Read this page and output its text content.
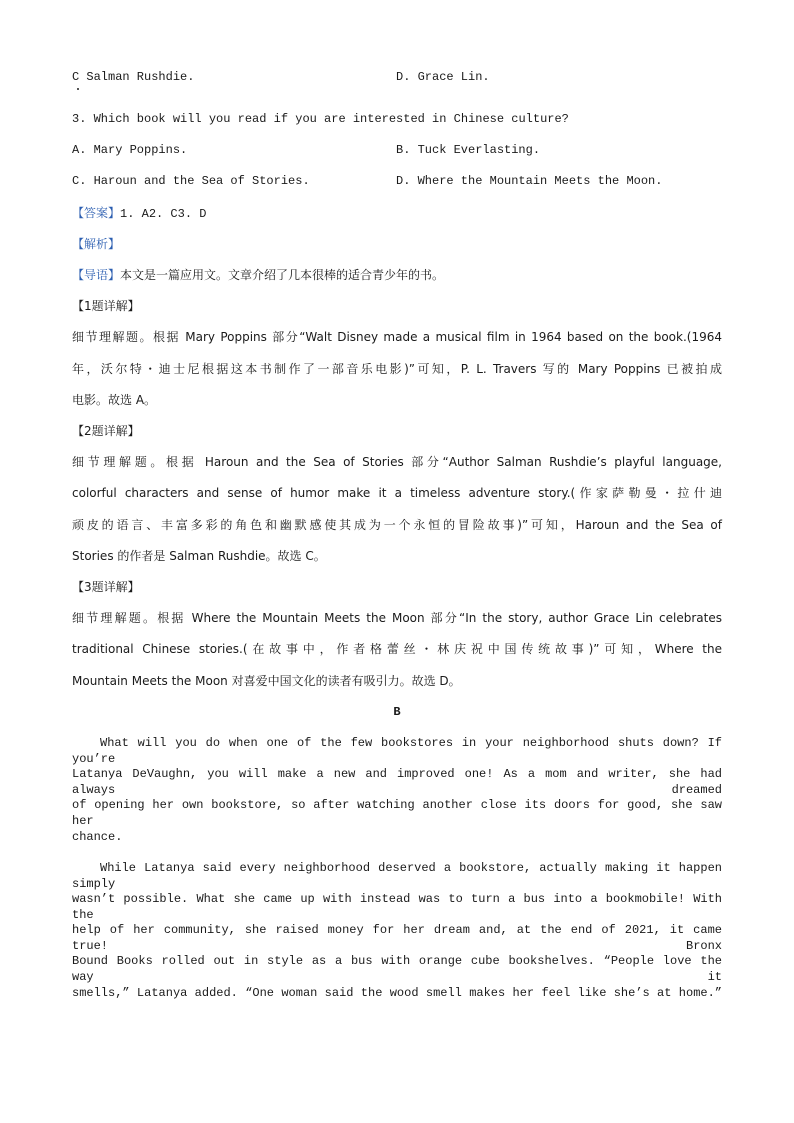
C Salman Rushdie.	D. Grace Lin.
3. Which book will you read if you are interested in Chinese culture?
A. Mary Poppins.	B. Tuck Everlasting.
C. Haroun and the Sea of Stories.	D. Where the Mountain Meets the Moon.
【答案】1. A2. C3. D
【解析】
【导语】本文是一篇应用文。文章介绍了几本很棒的适合青少年的书。
【1题详解】
细节理解题。根据 Mary Poppins 部分“Walt Disney made a musical film in 1964 based on the book.(1964
年，沃尔特・迪士尼根据这本书制作了一部音乐电影)”可知，P. L. Travers 写的 Mary Poppins 已被拍成
电影。故选 A。
【2题详解】
细节理解题。根据 Haroun and the Sea of Stories 部分“Author Salman Rushdie’s playful language,
colorful characters and sense of humor make it a timeless adventure story.(作家萨勒曼・拉什迪
顽皮的语言、丰富多彩的角色和幽默感使其成为一个永恒的冒险故事)”可知，Haroun and the Sea of
Stories 的作者是 Salman Rushdie。故选 C。
【3题详解】
细节理解题。根据 Where the Mountain Meets the Moon 部分“In the story, author Grace Lin celebrates
traditional Chinese stories.(在故事中，作者格蕾丝・林庆祝中国传统故事)”可知，Where the
Mountain Meets the Moon 对喜爱中国文化的读者有吸引力。故选 D。
B
What will you do when one of the few bookstores in your neighborhood shuts down? If you’re
Latanya DeVaughn, you will make a new and improved one! As a mom and writer, she had always dreamed
of opening her own bookstore, so after watching another close its doors for good, she saw her
chance.
While Latanya said every neighborhood deserved a bookstore, actually making it happen simply
wasn’t possible. What she came up with instead was to turn a bus into a bookmobile! With the
help of her community, she raised money for her dream and, at the end of 2021, it came true! Bronx
Bound Books rolled out in style as a bus with orange cube bookshelves. “People love the way it
smells,” Latanya added. “One woman said the wood smell makes her feel like she’s at home.”
